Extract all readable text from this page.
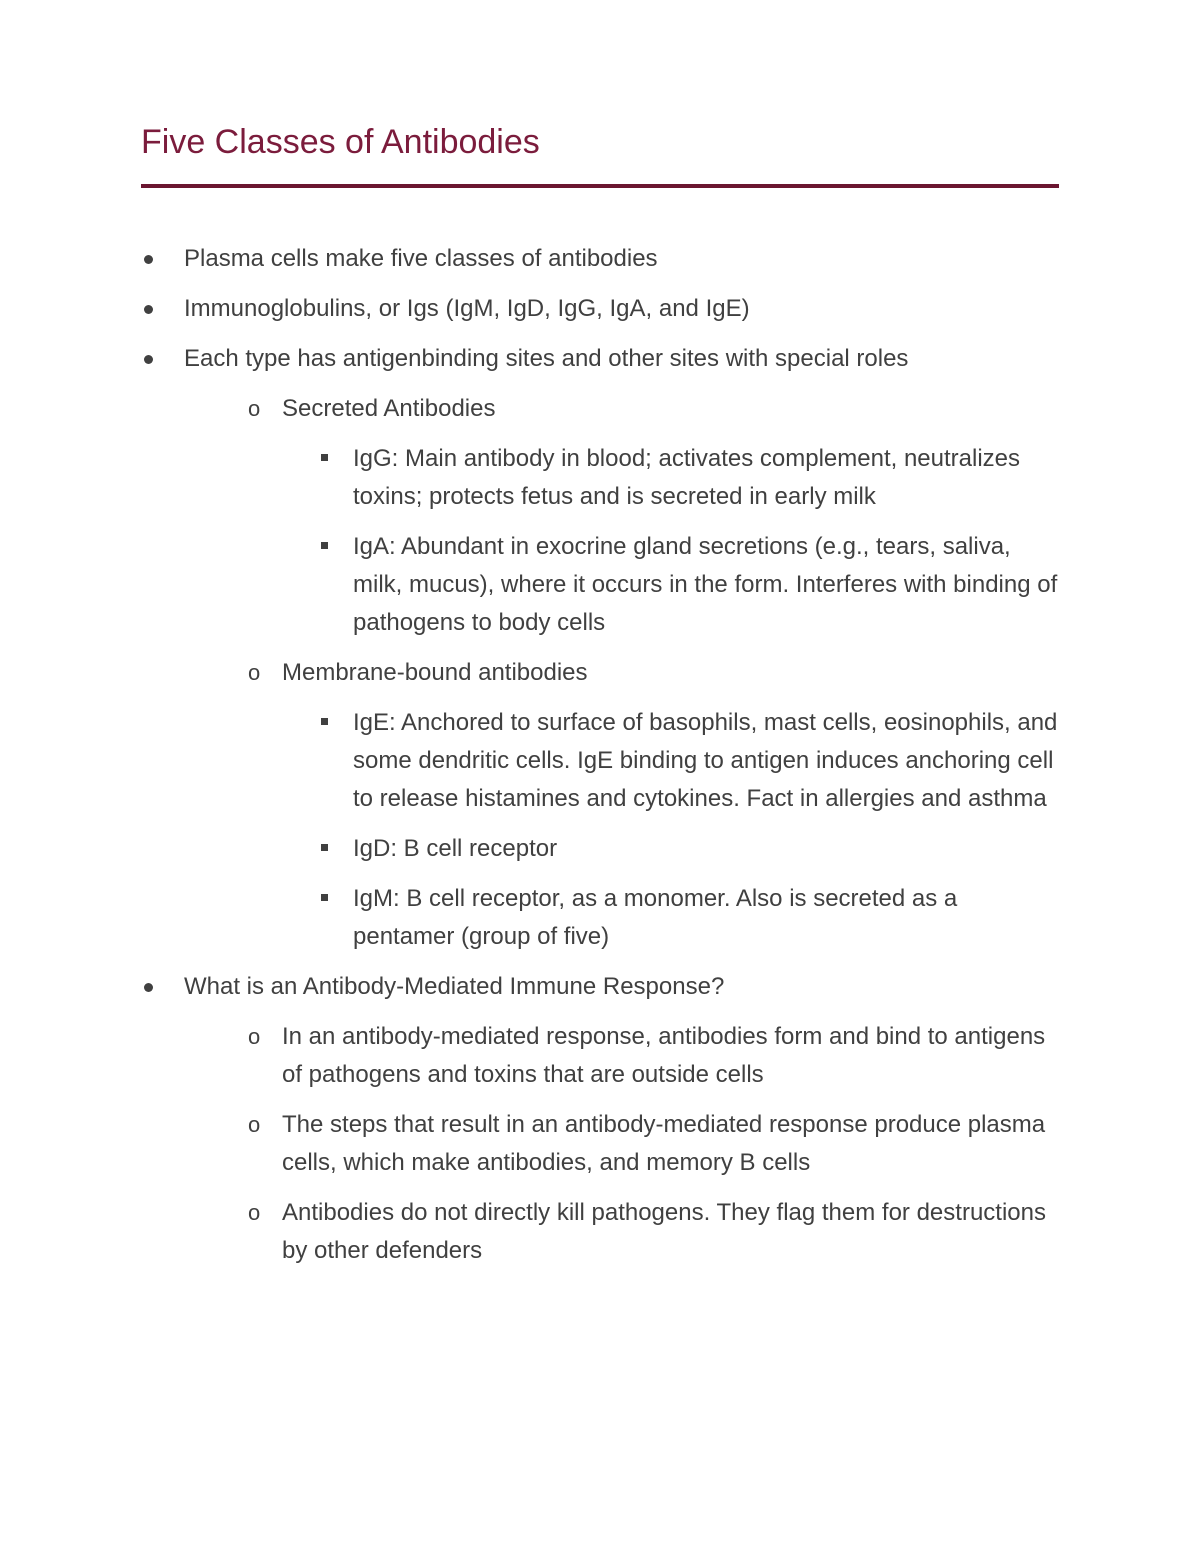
Five Classes of Antibodies
Plasma cells make five classes of antibodies
Immunoglobulins, or Igs (IgM, IgD, IgG, IgA, and IgE)
Each type has antigenbinding sites and other sites with special roles
o Secreted Antibodies
IgG: Main antibody in blood; activates complement, neutralizes toxins; protects fetus and is secreted in early milk
IgA: Abundant in exocrine gland secretions (e.g., tears, saliva, milk, mucus), where it occurs in the form. Interferes with binding of pathogens to body cells
o Membrane-bound antibodies
IgE: Anchored to surface of basophils, mast cells, eosinophils, and some dendritic cells. IgE binding to antigen induces anchoring cell to release histamines and cytokines. Fact in allergies and asthma
IgD: B cell receptor
IgM: B cell receptor, as a monomer. Also is secreted as a pentamer (group of five)
What is an Antibody-Mediated Immune Response?
o In an antibody-mediated response, antibodies form and bind to antigens of pathogens and toxins that are outside cells
o The steps that result in an antibody-mediated response produce plasma cells, which make antibodies, and memory B cells
o Antibodies do not directly kill pathogens. They flag them for destructions by other defenders
